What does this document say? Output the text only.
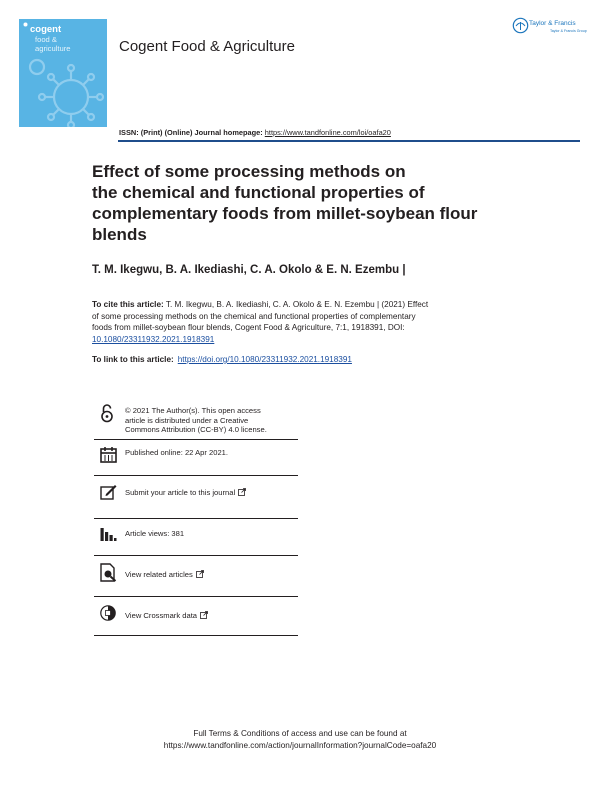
cogent
food &
agriculture	Cogent Food & Agriculture
Taylor & Francis
Taylor & Francis Group
ISSN: (Print) (Online) Journal homepage: https://www.tandfonline.com/loi/oafa20
Effect of some processing methods on
the chemical and functional properties of
complementary foods from millet-soybean flour
blends
T. M. Ikegwu, B. A. Ikediashi, C. A. Okolo & E. N. Ezembu |
To cite this article: T. M. Ikegwu, B. A. Ikediashi, C. A. Okolo & E. N. Ezembu | (2021) Effect
of some processing methods on the chemical and functional properties of complementary
foods from millet-soybean flour blends, Cogent Food & Agriculture, 7:1, 1918391, DOI:
10.1080/23311932.2021.1918391
To link to this article: https://doi.org/10.1080/23311932.2021.1918391
© 2021 The Author(s). This open access
article is distributed under a Creative
Commons Attribution (CC-BY) 4.0 license.
Published online: 22 Apr 2021.
Submit your article to this journal
Article views: 381
View related articles
View Crossmark data
Full Terms & Conditions of access and use can be found at
https://www.tandfonline.com/action/journalInformation?journalCode=oafa20
